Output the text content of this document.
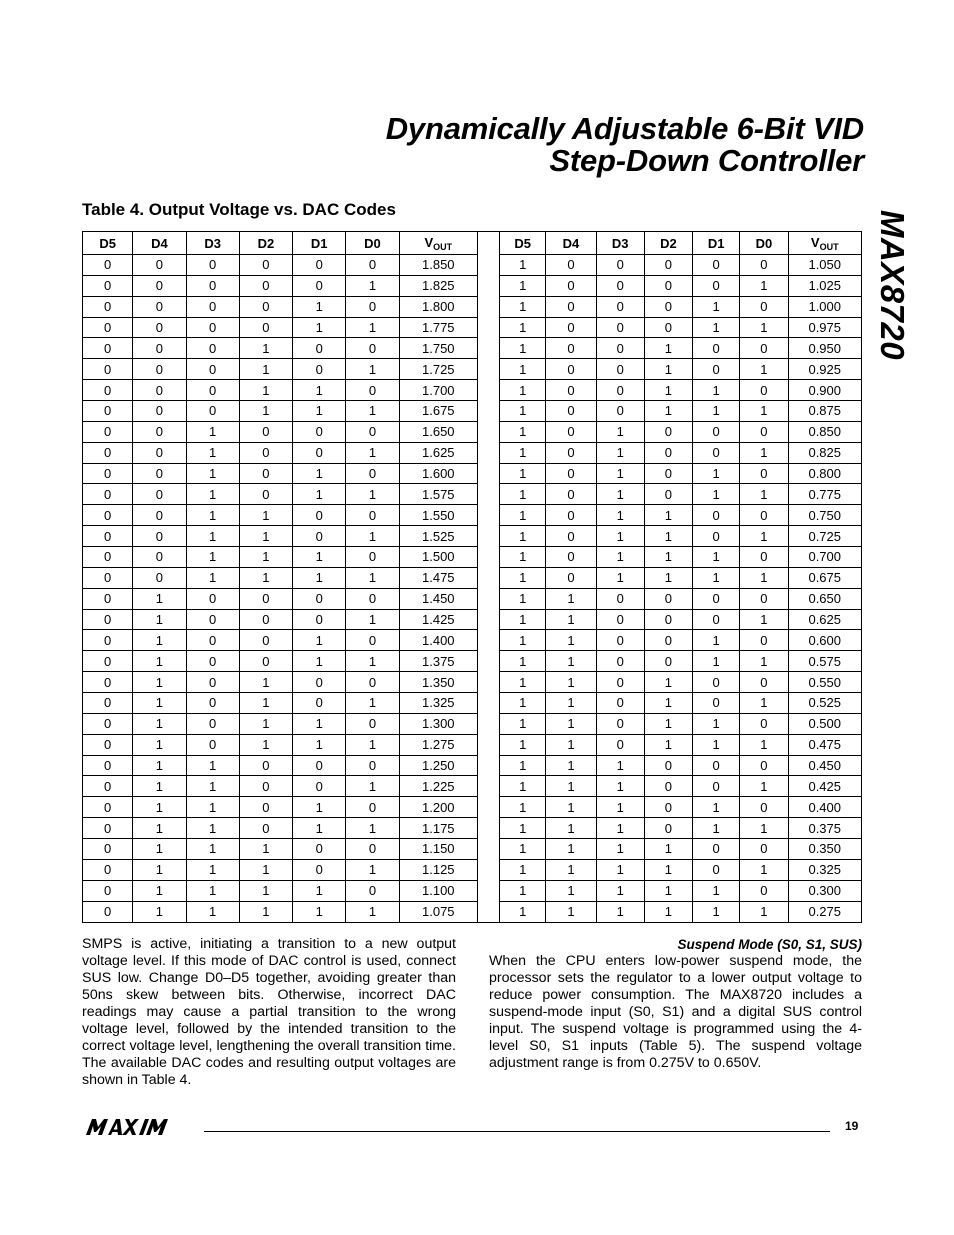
Dynamically Adjustable 6-Bit VID
Step-Down Controller
MAX8720
Table 4. Output Voltage vs. DAC Codes
D5	D4	D3	D2	D1	D0	$V_{OUT}$		D5	D4	D3	D2	D1	D0	$V_{OUT}$
0	0	0	0	0	0	1.850		1	0	0	0	0	0	1.050
0	0	0	0	0	1	1.825		1	0	0	0	0	1	1.025
0	0	0	0	1	0	1.800		1	0	0	0	1	0	1.000
0	0	0	0	1	1	1.775		1	0	0	0	1	1	0.975
0	0	0	1	0	0	1.750		1	0	0	1	0	0	0.950
0	0	0	1	0	1	1.725		1	0	0	1	0	1	0.925
0	0	0	1	1	0	1.700		1	0	0	1	1	0	0.900
0	0	0	1	1	1	1.675		1	0	0	1	1	1	0.875
0	0	1	0	0	0	1.650		1	0	1	0	0	0	0.850
0	0	1	0	0	1	1.625		1	0	1	0	0	1	0.825
0	0	1	0	1	0	1.600		1	0	1	0	1	0	0.800
0	0	1	0	1	1	1.575		1	0	1	0	1	1	0.775
0	0	1	1	0	0	1.550		1	0	1	1	0	0	0.750
0	0	1	1	0	1	1.525		1	0	1	1	0	1	0.725
0	0	1	1	1	0	1.500		1	0	1	1	1	0	0.700
0	0	1	1	1	1	1.475		1	0	1	1	1	1	0.675
0	1	0	0	0	0	1.450		1	1	0	0	0	0	0.650
0	1	0	0	0	1	1.425		1	1	0	0	0	1	0.625
0	1	0	0	1	0	1.400		1	1	0	0	1	0	0.600
0	1	0	0	1	1	1.375		1	1	0	0	1	1	0.575
0	1	0	1	0	0	1.350		1	1	0	1	0	0	0.550
0	1	0	1	0	1	1.325		1	1	0	1	0	1	0.525
0	1	0	1	1	0	1.300		1	1	0	1	1	0	0.500
0	1	0	1	1	1	1.275		1	1	0	1	1	1	0.475
0	1	1	0	0	0	1.250		1	1	1	0	0	0	0.450
0	1	1	0	0	1	1.225		1	1	1	0	0	1	0.425
0	1	1	0	1	0	1.200		1	1	1	0	1	0	0.400
0	1	1	0	1	1	1.175		1	1	1	0	1	1	0.375
0	1	1	1	0	0	1.150		1	1	1	1	0	0	0.350
0	1	1	1	0	1	1.125		1	1	1	1	0	1	0.325
0	1	1	1	1	0	1.100		1	1	1	1	1	0	0.300
0	1	1	1	1	1	1.075		1	1	1	1	1	1	0.275
SMPS is active, initiating a transition to a new output voltage level. If this mode of DAC control is used, connect SUS low. Change D0–D5 together, avoiding greater than 50ns skew between bits. Otherwise, incorrect DAC readings may cause a partial transition to the wrong voltage level, followed by the intended transition to the correct voltage level, lengthening the overall transition time. The available DAC codes and resulting output voltages are shown in Table 4.
Suspend Mode (S0, S1, SUS)
When the CPU enters low-power suspend mode, the processor sets the regulator to a lower output voltage to reduce power consumption. The MAX8720 includes a suspend-mode input (S0, S1) and a digital SUS control input. The suspend voltage is programmed using the 4-level S0, S1 inputs (Table 5). The suspend voltage adjustment range is from 0.275V to 0.650V.
19
